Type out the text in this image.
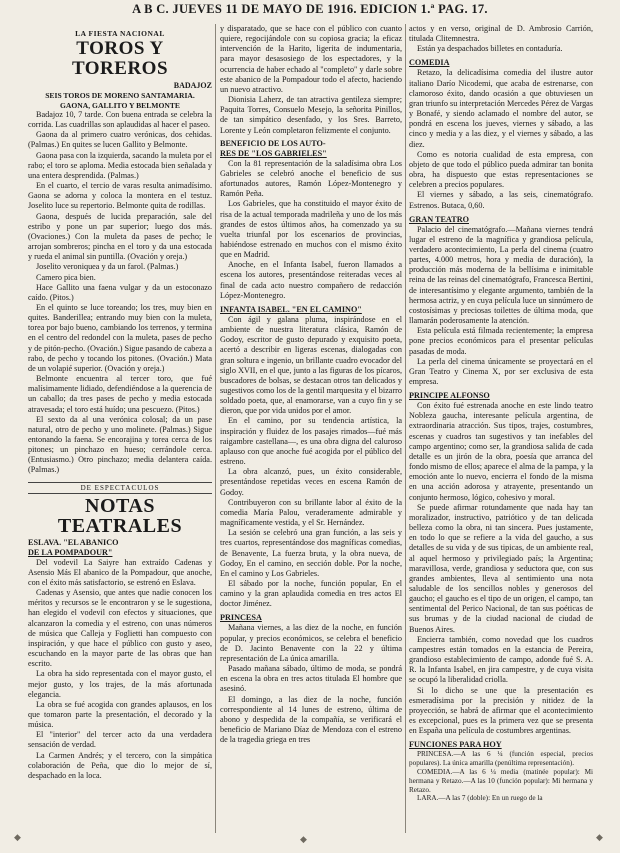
A B C. JUEVES 11 DE MAYO DE 1916. EDICION 1.ª PAG. 17.
LA FIESTA NACIONAL
TOROS Y TOREROS
BADAJOZ
SEIS TOROS DE MORENO SANTAMARIA.
GAONA, GALLITO Y BELMONTE

Badajoz 10, 7 tarde. Con buena entrada se celebra la corrida. Las cuadrillas son aplaudidas al hacer el paseo.

Gaona da al primero cuatro verónicas, dos cehidas. (Palmas.) En quites se lucen Gallito y Belmonte.

Gaona pasa con la izquierda, sacando la muleta por el rabo; el toro se aploma. Media estocada bien señalada y una entera desprendida. (Palmas.)

En el cuarto, el tercio de varas resulta animadísimo. Gaona se adorna y coloca la montera en el testuz. Joselito luce su repertorio. Belmonte quita de rodillas.

Gaona, después de lucida preparación, sale del estribo y pone un par superior; luego dos más. (Ovaciones.) Con la muleta da pases de pecho; le arrojan sombreros; pincha en el toro y da una estocada y rueda el animal sin puntilla. (Ovación y oreja.)

Joselito veroniquea y da un farol. (Palmas.)

Camero pica bien.

Hace Gallito una faena vulgar y da un estoconazo caído. (Pitos.)

En el quinto se luce toreando; los tres, muy bien en quites. Banderillea; entrando muy bien con la muleta, torea por bajo bueno, cambiando los terrenos, y termina en el centro del redondel con la muleta, pases de pecho y de pitón-pecho. (Ovación.) Sigue pasando de cabeza a rabo, de pecho y tocando los pitones. (Ovación.) Mata de un volapié superior. (Ovación y oreja.)

Belmonte encuentra al tercer toro, que fué malísimamente lidiado, defendiéndose a la querencia de un caballo; da tres pases de pecho y media estocada atravesada; el toro está huído; una pescuezo. (Pitos.)

El sexto da al una verónica colosal; da un pase natural, otro de pecho y uno molinete. (Palmas.) Sigue entonando la faena. Se encorajina y torea cerca de los pitones; un pinchazo en hueso; cerrándole cerca. (Entusiasmo.) Otro pinchazo; media delantera caída. (Palmas.)

DE ESPECTACULOS
NOTAS TEATRALES
ESLAVA. "EL ABANICO
DE LA POMPADOUR"

Del vodevil La Saiyre han extraído Cadenas y Asensio Más El abanico de la Pompadour, que anoche, con el éxito más satisfactorio, se estrenó en Eslava.

Cadenas y Asensio, que antes que nadie conocen los méritos y recursos se le encontraron y se le sugestiona, han elegido el vodevil con efectos y situaciones, que alcanzaron la comedia y el estreno, con unas números de música que Calleja y Foglietti han compuesto con inspiración, y que hace el público con gusto y aseo, escuchando en la mayor parte de las obras que han escrito.

La obra ha sido representada con el mayor gusto, el mejor gusto, y los trajes, de la más afortunada elegancia.

La obra se fué acogida con grandes aplausos, en los que tomaron parte la presentación, el decorado y la música.

El "interior" del tercer acto da una verdadera sensación de verdad.

La Carmen Andrés; y el tercero, con la simpática colaboración de Peña, que dio lo mejor de sí, despachado en la loca.

y disparatado, que se hace con el público con cuanto quiere, regocijándole con su copiosa gracia; la eficaz intervención de la Harito, ligerita de indumentaria, para mayor desasosiego de los espectadores, y la ocurrencia de haber echado al "completo" y darle sobre este abanico de la Pompadour todo el afecto, haciendo un nuevo atractivo.

Dionisia Laherz, de tan atractiva gentileza siempre; Paquita Torres, Consuelo Mesejo, la señorita Pinillos, de tan simpático desenfado, y los Sres. Barreto, Lorente y León completaron felizmente el conjunto.

BENEFICIO DE LOS AUTO-
RES DE "LOS GABRIELES"

Con la 81 representación de la saladísima obra Los Gabrieles se celebró anoche el beneficio de sus afortunados autores, Ramón López-Montenegro y Ramón Peña.

Los Gabrieles, que ha constituido el mayor éxito de risa de la actual temporada madrileña y uno de los más grandes de estos últimos años, ha comenzado ya su vuelta triunfal por los escenarios de provincias, habiéndose estrenado en muchos con el mismo éxito que en Madrid.

Anoche, en el Infanta Isabel, fueron llamados a escena los autores, presentándose reiteradas veces al final de cada acto nuestro compañero de redacción López-Montenegro.

INFANTA ISABEL. "EN EL CAMINO"

Con ágil y galana pluma, inspirándose en el ambiente de nuestra literatura clásica, Ramón de Godoy, escritor de gusto depurado y exquisito poeta, acertó a describir en ligeras escenas, dialogadas con gran soltura e ingenio, un brillante cuadro evocador del siglo XVII, en el que, junto a las figuras de los pícaros, buscadores de bolsas, se destacan otros tan delicados y sugestivos como los de la gentil marquesita y el bizarro soldado poeta, que, al enamorarse, van a cuyo fin y se dieron, que por vida unidos por el amor.

En el camino, por su tendencia artística, la inspiración y fluidez de los pasajes rimados—fué más raigambre castellana—, es una obra digna del caluroso aplauso con que anoche fué acogida por el público del estreno.

La obra alcanzó, pues, un éxito considerable, presentándose repetidas veces en escena Ramón de Godoy.

Contribuyeron con su brillante labor al éxito de la comedia María Palou, veraderamente admirable y magníficamente vestida, y el Sr. Hernández.

La sesión se celebró una gran función, a las seis y tres cuartos, representándose dos magníficas comedias, de Benavente, La fuerza bruta, y la obra nueva, de Godoy, En el camino, en sección doble. Por la noche, En el camino y Los Gabrieles.

El sábado por la noche, función popular, En el camino y la gran aplaudida comedia en tres actos El doctor Jiménez.

PRINCESA

Mañana viernes, a las diez de la noche, en función popular, y precios económicos, se celebra el beneficio de D. Jacinto Benavente con la 22 y última representación de La única amarilla.

Pasado mañana sábado, último de moda, se pondrá en escena la obra en tres actos titulada El hombre que asesinó.

El domingo, a las diez de la noche, función correspondiente al 14 lunes de estreno, última de abono y despedida de la compañía, se verificará el beneficio de Mariano Díaz de Mendoza con el estreno de la tragedia griega en tres

actos y en verso, original de D. Ambrosio Carrión, titulada Clitemnestra.

Están ya despachados billetes en contaduría.

COMEDIA

Retazo, la delicadísima comedia del ilustre autor italiano Darío Nicodemi, que acaba de estrenarse, con clamoroso éxito, dando ocasión a que obtuviesen un gran triunfo su interpretación Mercedes Pérez de Vargas y Bonafé, y siendo aclamado el nombre del autor, se pondrá en escena los jueves, viernes y sábado, a las cinco y media y a las diez, y el viernes y sábado, a las diez.

Como es notoria cualidad de esta empresa, con objeto de que todo el público pueda admirar tan bonita obra, ha dispuesto que estas representaciones se celebren a precios populares.

El viernes y sábado, a las seis, cinematógrafo. Estrenos. Butaca, 0,60.

GRAN TEATRO

Palacio del cinematógrafo.—Mañana viernes tendrá lugar el estreno de la magnífica y grandiosa película, verdadero acontecimiento, La perla del cinema (cuatro partes, 4.000 metros, hora y media de duración), la producción más moderna de la bellísima e inimitable reina de las reinas del cinematógrafo, Francesca Bertini, de interesantísimo y elegante argumento, también de la hermosa actriz, y en cuya película luce un sinnúmero de costosísimas y preciosas toilettes de última moda, que llamarán poderosamente la atención.

Esta película está filmada recientemente; la empresa pone precios económicos para el presentar películas pasadas de moda.

La perla del cinema únicamente se proyectará en el Gran Teatro y Cinema X, por ser exclusiva de esta empresa.

PRINCIPE ALFONSO

Con éxito fué estrenada anoche en este lindo teatro Nobleza gaucha, interesante película argentina, de extraordinaria atracción. Sus tipos, trajes, costumbres, escenas y cuadros tan sugestivos y tan inefables del campo argentino; como ser, la grandiosa salida de cada detalle es un jirón de la obra, poesía que arranca del fondo mismo de ellos; aparece el alma de la pampa, y la emoción ante lo nuevo, encierra el fondo de la misma en una acción adorosa y atrayente, presentando un conjunto hermoso, lógico, cohesivo y moral.

Se puede afirmar rotundamente que nada hay tan moralizador, instructivo, patriótico y de tan delicada belleza como la obra, ni tan sincera. Pues justamente, en todo lo que se refiere a la vida del gaucho, a sus detalles de su vida y de sus tipicas, de un ambiente real, al aquel hermoso y privilegiado país; la Argentina; maravillosa, verde, grandiosa y seductora que, con sus grandes ambientes, lleva al sentimiento una nota saludable de los sencillos nobles y generosos del gaucho; el gaucho es el tipo de un origen, el campo, tan sentimental del Perico Nacional, de tan sus poéticas de sus brumas y de la ciudad nacional de ciudad de Buenos Aires.

Encierra también, como novedad que los cuadros campestres están tomados en la estancia de Pereira, grandioso establecimiento de campo, adonde fué S. A. R. la Infanta Isabel, en jira campestre, y de cuya visita se ocupó la liberalidad criolla.

Si lo dicho se une que la presentación es esmeradísima por la precisión y nitidez de la proyección, se habrá de afirmar que el acontecimiento es excepcional, pues es la primera vez que se presenta en España una película de costumbres argentinas.

FUNCIONES PARA HOY

PRINCESA.—A las 6 ¼ (función especial, precios populares). La única amarilla (penúltima representación).

COMEDIA.—A las 6 ¼ media (matinée popular): Mi hermana y Retazo.—A las 10 (función popular): Mi hermana y Retazo.

LARA.—A las 7 (doble): En un ruego de la

◆	◆	◆
